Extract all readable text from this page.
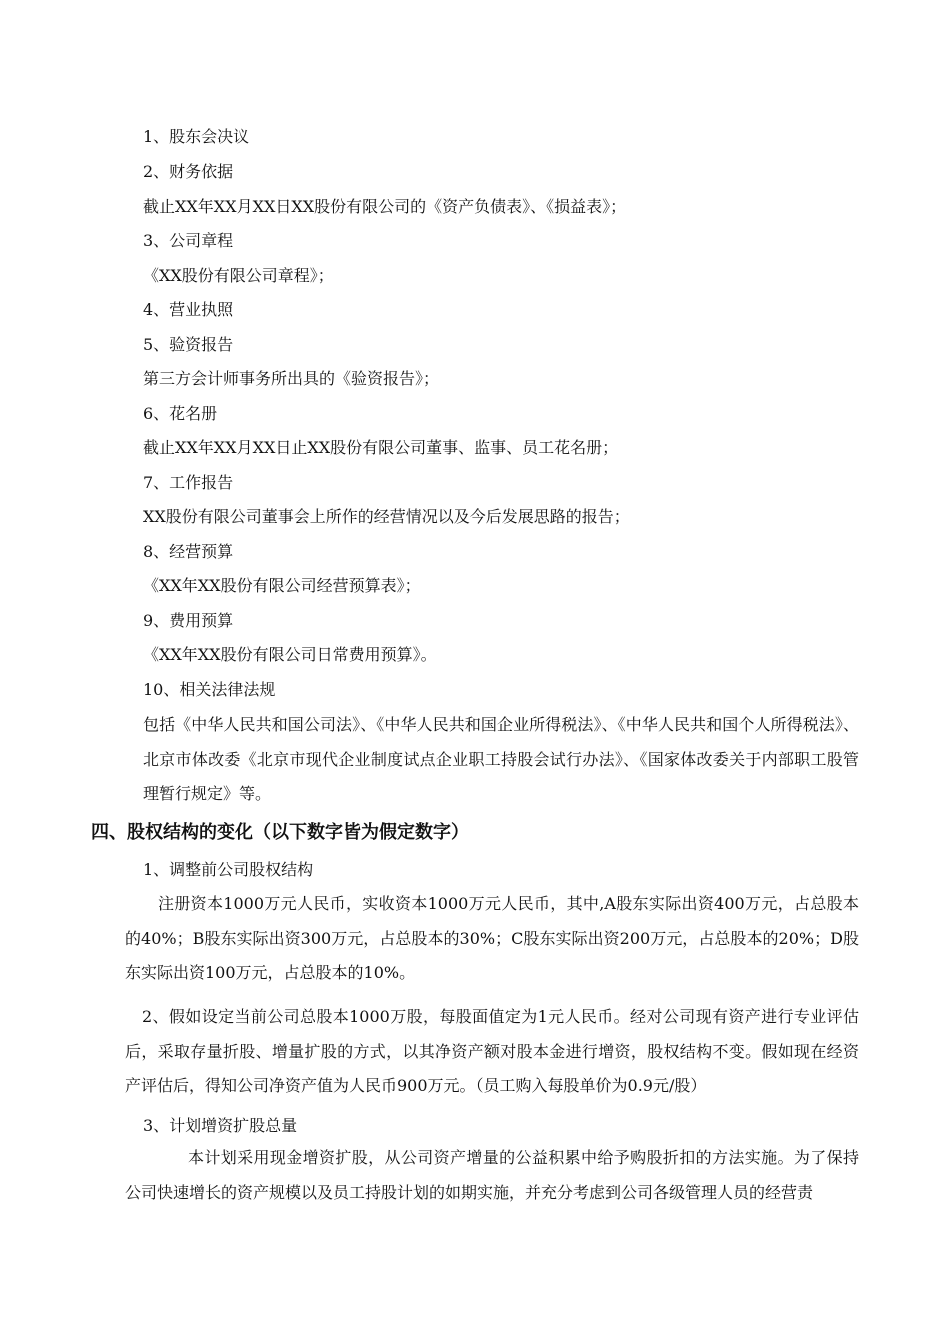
1、股东会决议
2、财务依据
截止XX年XX月XX日XX股份有限公司的《资产负债表》、《损益表》；
3、公司章程
《XX股份有限公司章程》；
4、营业执照
5、验资报告
第三方会计师事务所出具的《验资报告》；
6、花名册
截止XX年XX月XX日止XX股份有限公司董事、监事、员工花名册；
7、工作报告
XX股份有限公司董事会上所作的经营情况以及今后发展思路的报告；
8、经营预算
《XX年XX股份有限公司经营预算表》；
9、费用预算
《XX年XX股份有限公司日常费用预算》。
10、相关法律法规
包括《中华人民共和国公司法》、《中华人民共和国企业所得税法》、《中华人民共和国个人所得税法》、北京市体改委《北京市现代企业制度试点企业职工持股会试行办法》、《国家体改委关于内部职工股管理暂行规定》等。
四、股权结构的变化（以下数字皆为假定数字）
1、调整前公司股权结构
注册资本1000万元人民币，实收资本1000万元人民币，其中,A股东实际出资400万元，占总股本的40%；B股东实际出资300万元，占总股本的30%；C股东实际出资200万元，占总股本的20%；D股东实际出资100万元，占总股本的10%。
2、假如设定当前公司总股本1000万股，每股面值定为1元人民币。经对公司现有资产进行专业评估后，采取存量折股、增量扩股的方式，以其净资产额对股本金进行增资，股权结构不变。假如现在经资产评估后，得知公司净资产值为人民币900万元。（员工购入每股单价为0.9元/股）
3、计划增资扩股总量
本计划采用现金增资扩股，从公司资产增量的公益积累中给予购股折扣的方法实施。为了保持公司快速增长的资产规模以及员工持股计划的如期实施，并充分考虑到公司各级管理人员的经营责
